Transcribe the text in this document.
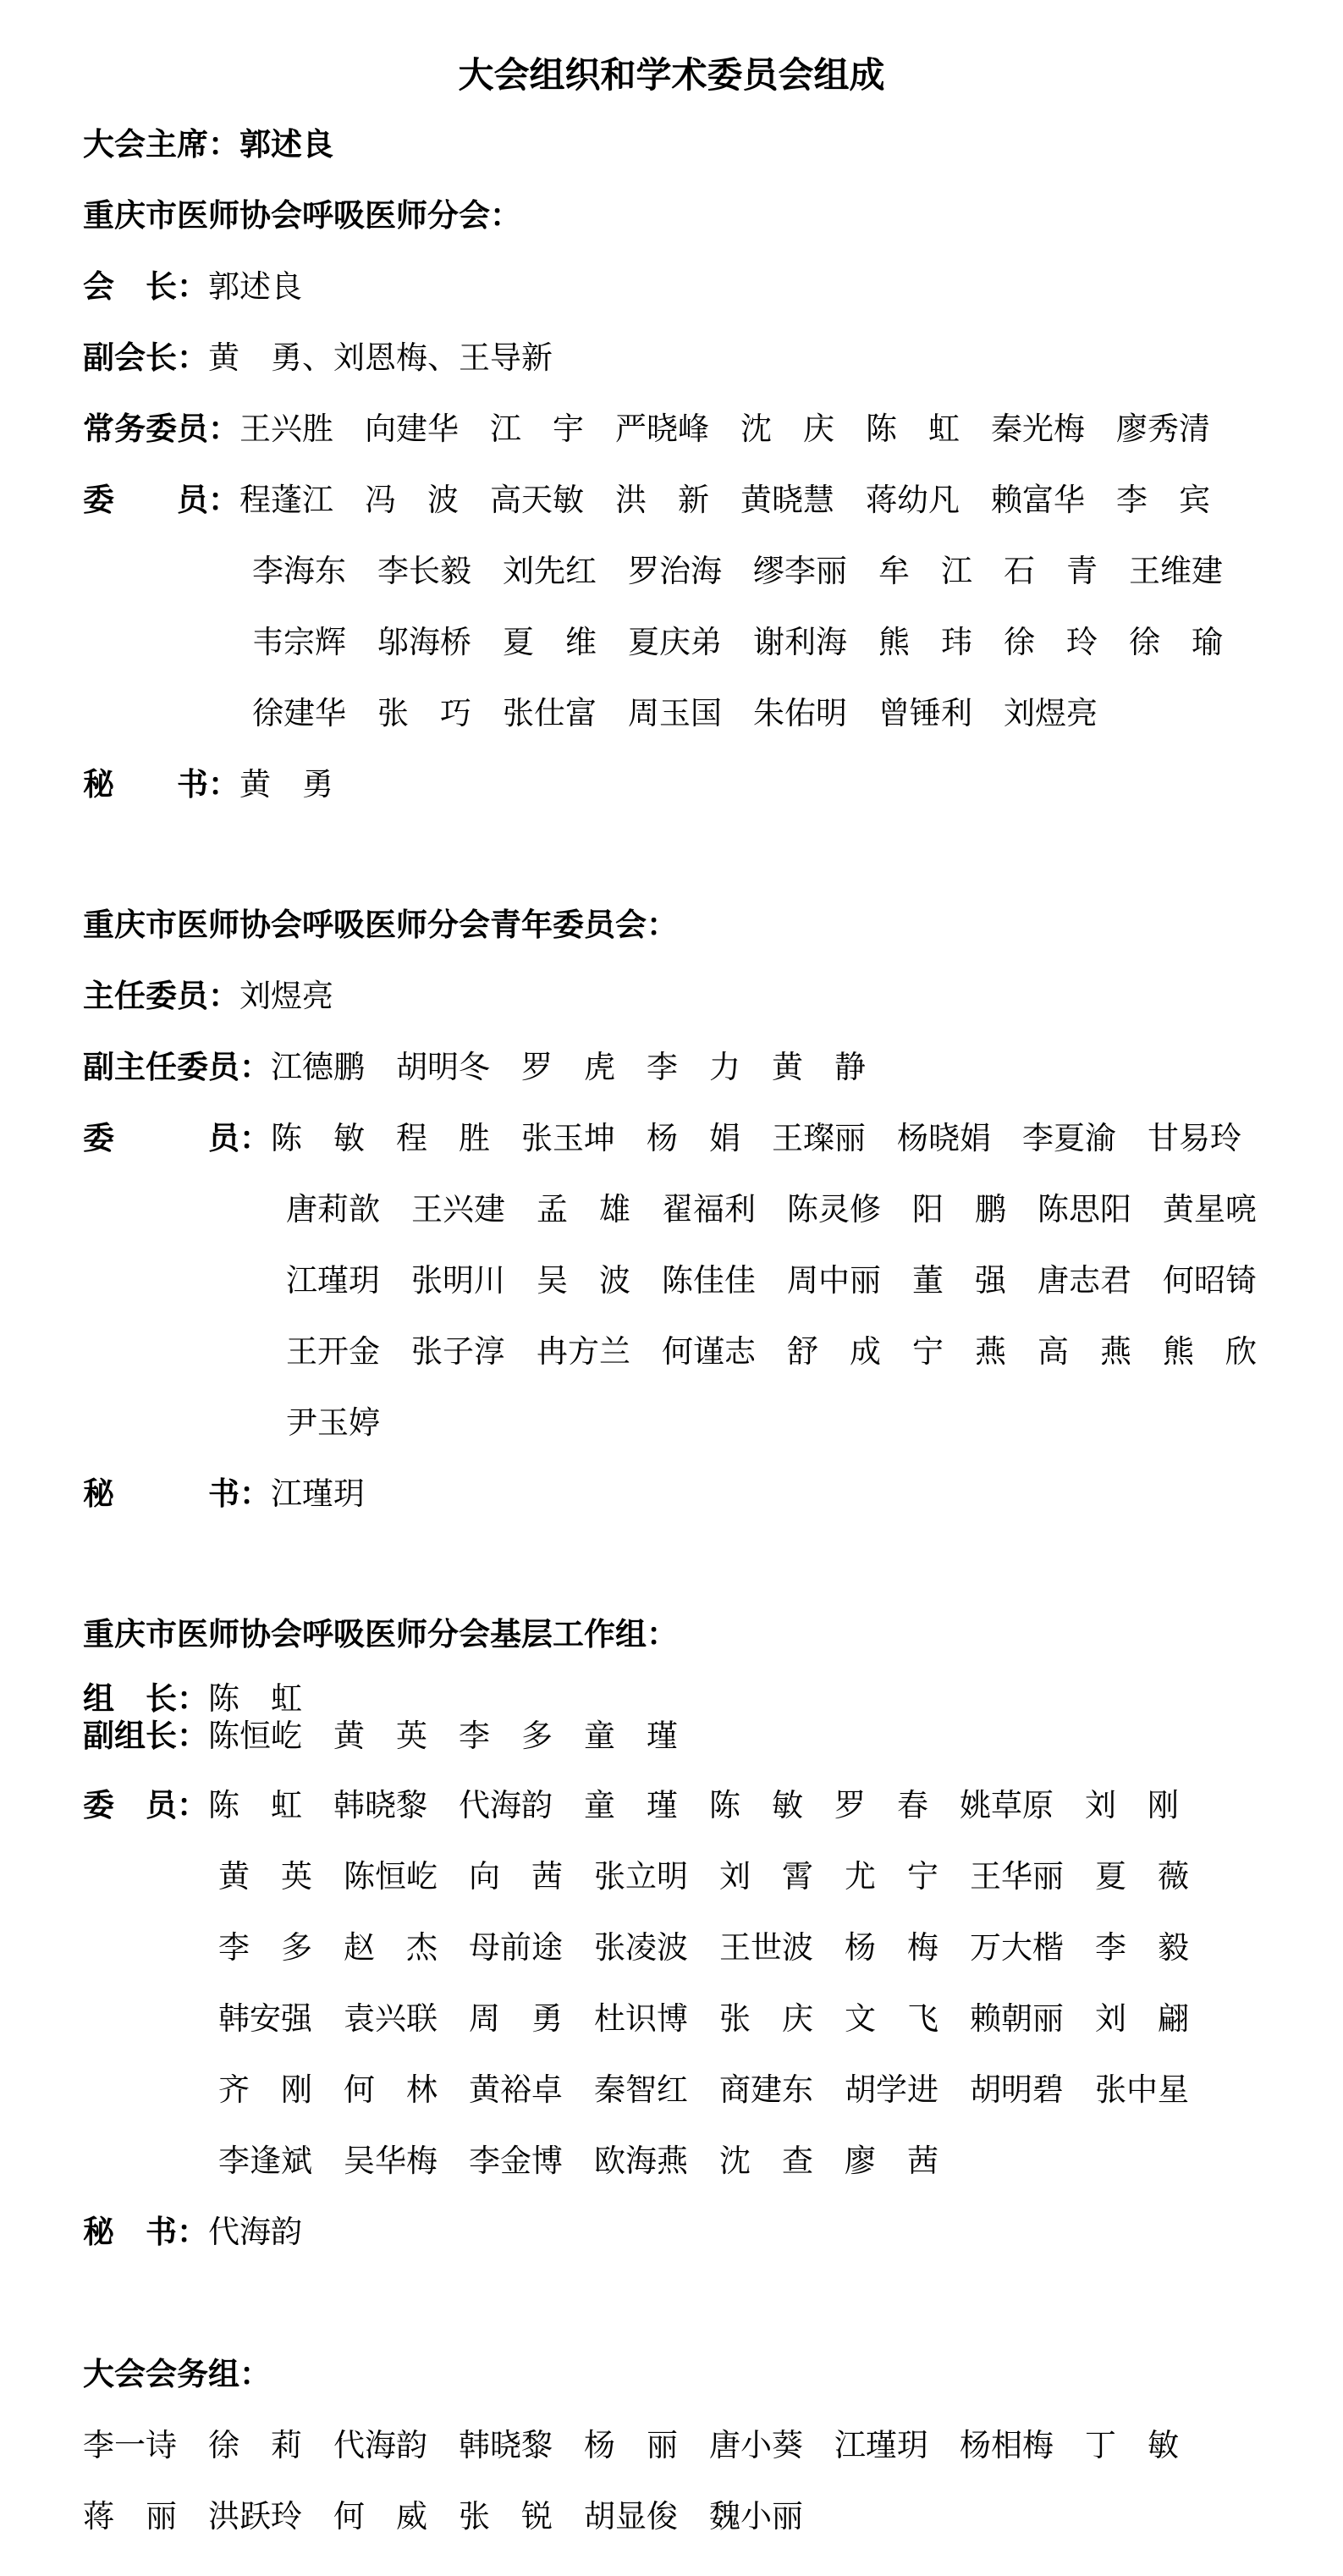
大会组织和学术委员会组成
大会主席：郭述良
重庆市医师协会呼吸医师分会：
会　长：郭述良
副会长：黄　勇、刘恩梅、王导新
常务委员：王兴胜　向建华　江　宇　严晓峰　沈　庆　陈　虹　秦光梅　廖秀清
委　　员：程蓬江　冯　波　高天敏　洪　新　黄晓慧　蒋幼凡　赖富华　李　宾
李海东　李长毅　刘先红　罗治海　缪李丽　牟　江　石　青　王维建
韦宗辉　邬海桥　夏　维　夏庆弟　谢利海　熊　玮　徐　玲　徐　瑜
徐建华　张　巧　张仕富　周玉国　朱佑明　曾锤利　刘煜亮
秘　　书：黄　勇
重庆市医师协会呼吸医师分会青年委员会：
主任委员：刘煜亮
副主任委员：江德鹏　胡明冬　罗　虎　李　力　黄　静
委　　　员：陈　敏　程　胜　张玉坤　杨　娟　王璨丽　杨晓娟　李夏渝　甘易玲
唐莉歆　王兴建　孟　雄　翟福利　陈灵修　阳　鹏　陈思阳　黄星喨
江瑾玥　张明川　吴　波　陈佳佳　周中丽　董　强　唐志君　何昭锜
王开金　张子淳　冉方兰　何谨志　舒　成　宁　燕　高　燕　熊　欣
尹玉婷
秘　　　书：江瑾玥
重庆市医师协会呼吸医师分会基层工作组：
组　长：陈　虹
副组长：陈恒屹　黄　英　李　多　童　瑾
委　员：陈　虹　韩晓黎　代海韵　童　瑾　陈　敏　罗　春　姚草原　刘　刚
黄　英　陈恒屹　向　茜　张立明　刘　霄　尤　宁　王华丽　夏　薇
李　多　赵　杰　母前途　张凌波　王世波　杨　梅　万大楷　李　毅
韩安强　袁兴联　周　勇　杜识博　张　庆　文　飞　赖朝丽　刘　翩
齐　刚　何　林　黄裕卓　秦智红　商建东　胡学进　胡明碧　张中星
李逢斌　吴华梅　李金博　欧海燕　沈　查　廖　茜
秘　书：代海韵
大会会务组：
李一诗　徐　莉　代海韵　韩晓黎　杨　丽　唐小葵　江瑾玥　杨相梅　丁　敏
蒋　丽　洪跃玲　何　威　张　锐　胡显俊　魏小丽
